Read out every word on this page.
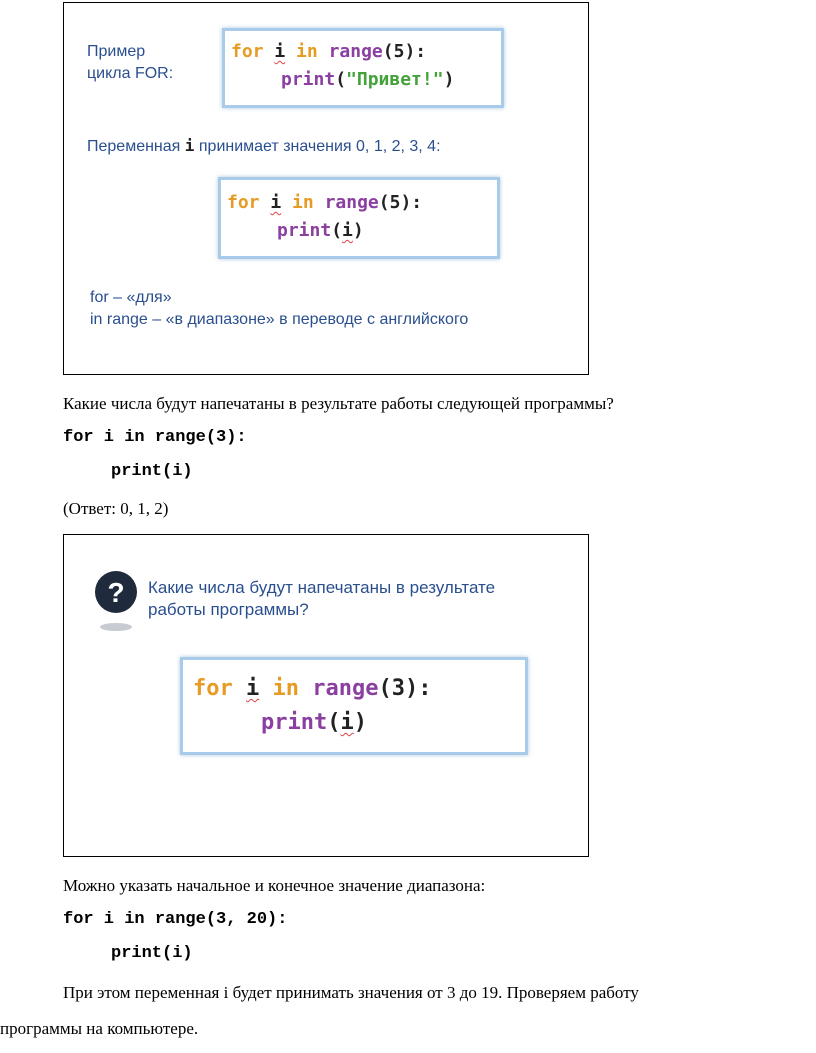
Пример
цикла FOR:
for i in range(5):
print("Привет!")
Переменная i принимает значения 0, 1, 2, 3, 4:
for i in range(5):
print(i)
for – «для»
in range – «в диапазоне» в переводе с английского
Какие числа будут напечатаны в результате работы следующей программы?
for i in range(3):
print(i)
(Ответ: 0, 1, 2)
? Какие числа будут напечатаны в результате
работы программы?
for i in range(3):
print(i)
Можно указать начальное и конечное значение диапазона:
for i in range(3, 20):
print(i)
При этом переменная i будет принимать значения от 3 до 19. Проверяем работу
программы на компьютере.
